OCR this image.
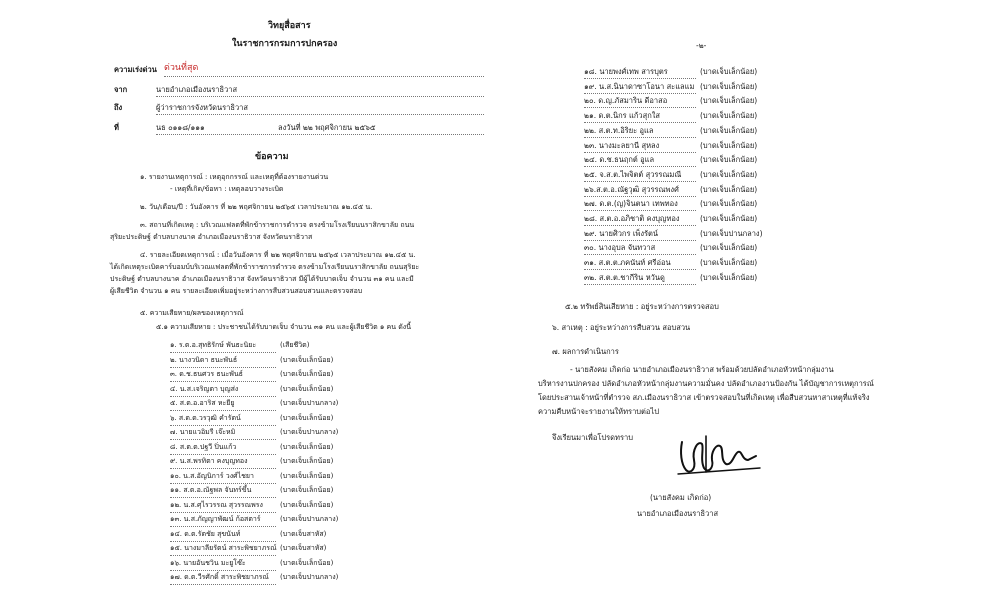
วิทยุสื่อสาร
ในราชการกรมการปกครอง
ความเร่งด่วน ด่วนที่สุด
จาก	นายอำเภอเมืองนราธิวาส
ถึง	ผู้ว่าราชการจังหวัดนราธิวาส
ที่	นธ ๐๑๑๘/๑๑๑	ลงวันที่ ๒๒ พฤศจิกายน ๒๕๖๕
ข้อความ
๑. รายงานเหตุการณ์ : เหตุอุกกรรณ์ และเหตุที่ต้องรายงานด่วน
- เหตุที่เกิด/ข้อหา : เหตุลอบวางระเบิด
๒. วัน/เดือน/ปี : วันอังคาร ที่ ๒๒ พฤศจิกายน ๒๕๖๕ เวลาประมาณ ๑๒.๔๕ น.
๓. สถานที่เกิดเหตุ : บริเวณแฟลตที่พักข้าราชการตำรวจ ตรงข้ามโรงเรียนนราสิกขาลัย ถนน
สุริยะประดิษฐ์ ตำบลบางนาค อำเภอเมืองนราธิวาส จังหวัดนราธิวาส
๔. รายละเอียดเหตุการณ์ : เมื่อวันอังคาร ที่ ๒๒ พฤศจิกายน ๒๕๖๕ เวลาประมาณ ๑๒.๔๕ น.
ได้เกิดเหตุระเบิดคาร์บอมบ์บริเวณแฟลตที่พักข้าราชการตำรวจ ตรงข้ามโรงเรียนนราสิกขาลัย ถนนสุริยะ
ประดิษฐ์ ตำบลบางนาค อำเภอเมืองนราธิวาส จังหวัดนราธิวาส มีผู้ได้รับบาดเจ็บ จำนวน ๓๑ คน และมี
ผู้เสียชีวิต จำนวน ๑ คน รายละเอียดเพิ่มอยู่ระหว่างการสืบสวนสอบสวนและตรวจสอบ
๕. ความเสียหาย/ผลของเหตุการณ์
๕.๑ ความเสียหาย : ประชาชนได้รับบาดเจ็บ จำนวน ๓๑ คน และผู้เสียชีวิต ๑ คน ดังนี้
๑. ร.ต.อ.สุทธิรักษ์ พันธะนิยะ	(เสียชีวิต)
๒. นางวนิดา ธนะพันธ์	(บาดเจ็บเล็กน้อย)
๓. ด.ช.ธนศวร ธนะพันธ์	(บาดเจ็บเล็กน้อย)
๔. น.ส.เจริญตา บุญส่ง	(บาดเจ็บเล็กน้อย)
๕. ส.ต.อ.อาริส หะยียู	(บาดเจ็บปานกลาง)
๖. ส.ต.ต.วรวุฒิ คำรัตน์	(บาดเจ็บเล็กน้อย)
๗. นายแวอิมรี เจ๊ะหมิ	(บาดเจ็บปานกลาง)
๘. ส.ต.ต.ปฐวี ปิ่นแก้ว	(บาดเจ็บเล็กน้อย)
๙. น.ส.พรทิตา คงบุญทอง	(บาดเจ็บเล็กน้อย)
๑๐. น.ส.อัญนิการ์ วงศ์ไชยา	(บาดเจ็บเล็กน้อย)
๑๑. ส.ต.อ.ณัฐพล จันทร์ขึ้น	(บาดเจ็บเล็กน้อย)
๑๒. น.ส.ศุไรวรรณ สุวรรณพรง (บาดเจ็บเล็กน้อย)
๑๓. น.ส.ภัญญาพัฒน์ ก้อสตาร์	(บาดเจ็บปานกลาง)
๑๔. ด.ต.รัตชัย สุขนันท์	(บาดเจ็บสาหัส)
๑๕. นางมาลียรัตน์ สาระพิชยาภรณ์ (บาดเจ็บสาหัส)
๑๖. นายอันชวิน มะยูโซ๊ะ	(บาดเจ็บเล็กน้อย)
๑๗. ด.ต.วีรศักดิ์ สาระพิชยาภรณ์ (บาดเจ็บปานกลาง)
-๒-
๑๘. นายพงศ์เทพ สารบุตร	(บาดเจ็บเล็กน้อย)
๑๙. น.ส.นินาดาซาโอนา สะแลแม (บาดเจ็บเล็กน้อย)
๒๐. ด.ญ.ภัสมาริน ดีอาสอ	(บาดเจ็บเล็กน้อย)
๒๑. ด.ต.นิกร แก้วสุกใส	(บาดเจ็บเล็กน้อย)
๒๒. ส.ต.ท.อิริยะ อูแล	(บาดเจ็บเล็กน้อย)
๒๓. นางมะลยานี สุหลง	(บาดเจ็บเล็กน้อย)
๒๔. ด.ช.ธนฤกต์ อูแล	(บาดเจ็บเล็กน้อย)
๒๕. จ.ส.ต.ไพจิตต์ สุวรรณมณี (บาดเจ็บเล็กน้อย)
๒๖.ส.ต.อ.ณัฐวุฒิ สุวรรณพงศ์	(บาดเจ็บเล็กน้อย)
๒๗. ด.ต.(ญ)จินตนา เทพทอง	(บาดเจ็บเล็กน้อย)
๒๘. ส.ต.อ.อภิชาติ คงบุญทอง	(บาดเจ็บเล็กน้อย)
๒๙. นายศิวกร เพ็งรัตน์	(บาดเจ็บปานกลาง)
๓๐. นางอุบล จันทวาส	(บาดเจ็บเล็กน้อย)
๓๑. ส.ต.ต.ภคนันท์ ศรีอ่อน	(บาดเจ็บเล็กน้อย)
๓๒. ส.ต.ต.ชากีริน หวันดู	(บาดเจ็บเล็กน้อย)
๕.๒ ทรัพย์สินเสียหาย : อยู่ระหว่างการตรวจสอบ
๖. สาเหตุ : อยู่ระหว่างการสืบสวน สอบสวน
๗. ผลการดำเนินการ
- นายสังคม เกิดก่อ นายอำเภอเมืองนราธิวาส พร้อมด้วยปลัดอำเภอหัวหน้ากลุ่มงาน
บริหารงานปกครอง ปลัดอำเภอหัวหน้ากลุ่มงานความมั่นคง ปลัดอำเภองานป้องกัน ได้บัญชาการเหตุการณ์
โดยประสานเจ้าหน้าที่ตำรวจ สภ.เมืองนราธิวาส เข้าตรวจสอบในที่เกิดเหตุ เพื่อสืบสวนหาสาเหตุที่แท้จริง
ความคืบหน้าจะรายงานให้ทราบต่อไป
จึงเรียนมาเพื่อโปรดทราบ
(นายสังคม เกิดก่อ)
นายอำเภอเมืองนราธิวาส
